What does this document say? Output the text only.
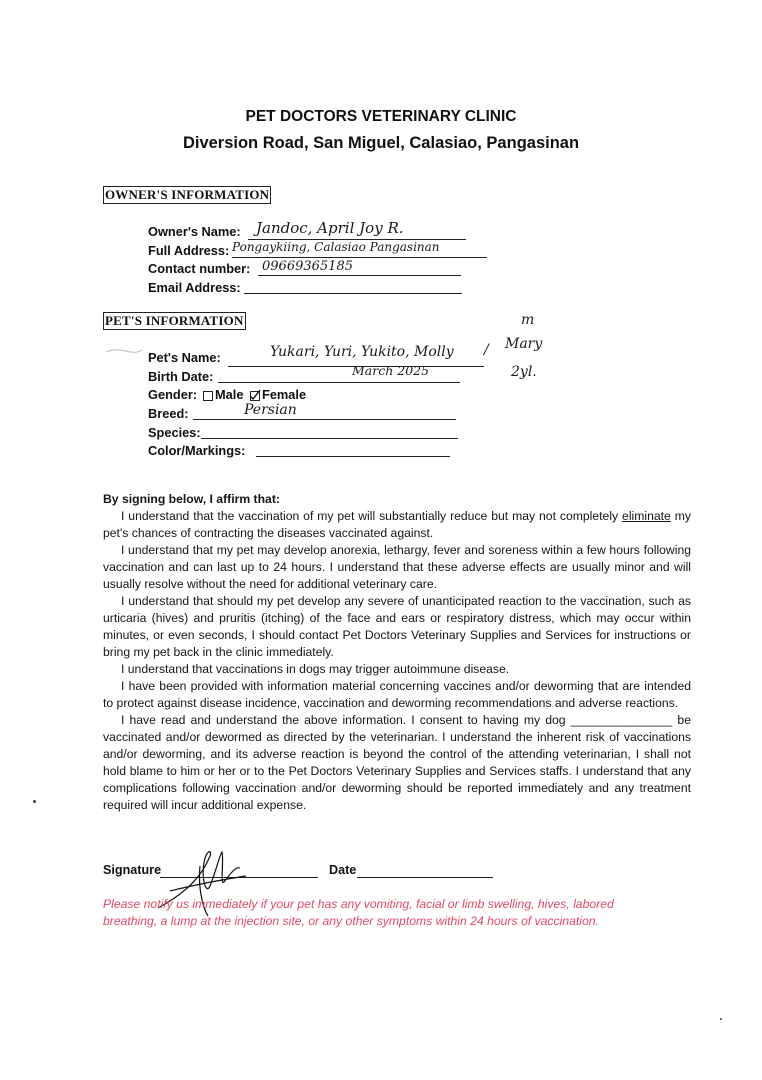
PET DOCTORS VETERINARY CLINIC
Diversion Road, San Miguel, Calasiao, Pangasinan
OWNER'S INFORMATION
Owner's Name: Jandoc, April Joy R.
Full Address: Pongaykiing, Calasiao Pangasinan
Contact number: 09669365185
Email Address:
PET'S INFORMATION
Pet's Name:	Yukari, Yuri, Yukito, Molly /
m
Mary
2yl.
Birth Date:	March 2025
Gender: Male Female
Breed:	Persian
Species:
Color/Markings:

By signing below, I affirm that:

I understand that the vaccination of my pet will substantially reduce but may not completely eliminate my pet's chances of contracting the diseases vaccinated against.

I understand that my pet may develop anorexia, lethargy, fever and soreness within a few hours following vaccination and can last up to 24 hours. I understand that these adverse effects are usually minor and will usually resolve without the need for additional veterinary care.

I understand that should my pet develop any severe of unanticipated reaction to the vaccination, such as urticaria (hives) and pruritis (itching) of the face and ears or respiratory distress, which may occur within minutes, or even seconds, I should contact Pet Doctors Veterinary Supplies and Services for instructions or bring my pet back in the clinic immediately.

I understand that vaccinations in dogs may trigger autoimmune disease.

I have been provided with information material concerning vaccines and/or deworming that are intended to protect against disease incidence, vaccination and deworming recommendations and adverse reactions.

I have read and understand the above information. I consent to having my dog _______________ be vaccinated and/or dewormed as directed by the veterinarian. I understand the inherent risk of vaccinations and/or deworming, and its adverse reaction is beyond the control of the attending veterinarian, I shall not hold blame to him or her or to the Pet Doctors Veterinary Supplies and Services staffs. I understand that any complications following vaccination and/or deworming should be reported immediately and any treatment required will incur additional expense.

Signature	Date
Please notify us immediately if your pet has any vomiting, facial or limb swelling, hives, labored breathing, a lump at the injection site, or any other symptoms within 24 hours of vaccination.
